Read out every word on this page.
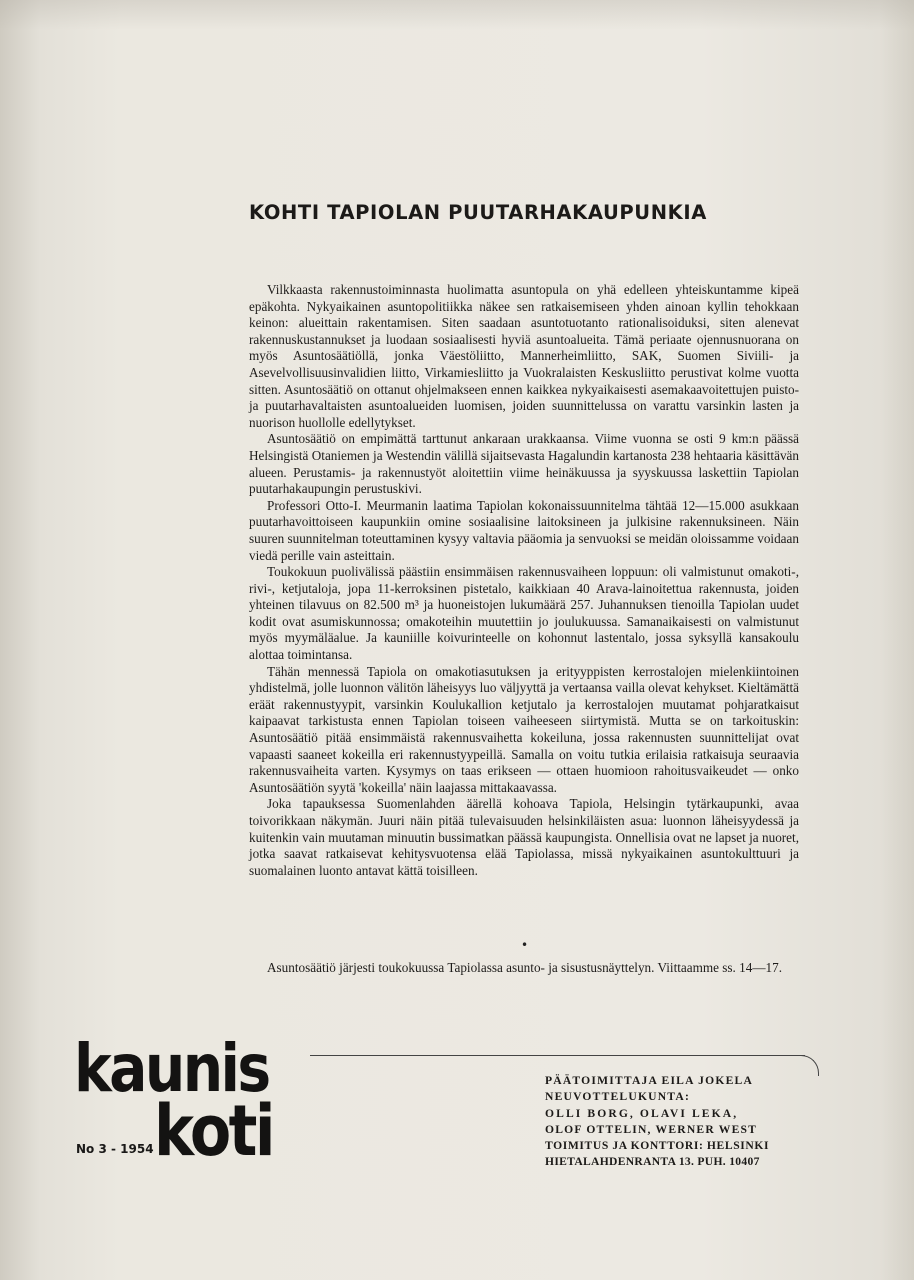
KOHTI TAPIOLAN PUUTARHAKAUPUNKIA

Vilkkaasta rakennustoiminnasta huolimatta asuntopula on yhä edelleen yhteiskuntamme kipeä epäkohta. Nykyaikainen asuntopolitiikka näkee sen ratkaisemiseen yhden ainoan kyllin tehokkaan keinon: alueittain rakentamisen. Siten saadaan asuntotuotanto rationalisoiduksi, siten alenevat rakennuskustannukset ja luodaan sosiaalisesti hyviä asuntoalueita. Tämä periaate ojennusnuorana on myös Asuntosäätiöllä, jonka Väestöliitto, Mannerheimliitto, SAK, Suomen Siviili- ja Asevelvollisuusinvalidien liitto, Virkamiesliitto ja Vuokralaisten Keskusliitto perustivat kolme vuotta sitten. Asuntosäätiö on ottanut ohjelmakseen ennen kaikkea nykyaikaisesti asemakaavoitettujen puisto- ja puutarhavaltaisten asuntoalueiden luomisen, joiden suunnittelussa on varattu varsinkin lasten ja nuorison huollolle edellytykset.

Asuntosäätiö on empimättä tarttunut ankaraan urakkaansa. Viime vuonna se osti 9 km:n päässä Helsingistä Otaniemen ja Westendin välillä sijaitsevasta Hagalundin kartanosta 238 hehtaaria käsittävän alueen. Perustamis- ja rakennustyöt aloitettiin viime heinäkuussa ja syyskuussa laskettiin Tapiolan puutarhakaupungin perustuskivi.

Professori Otto-I. Meurmanin laatima Tapiolan kokonaissuunnitelma tähtää 12—15.000 asukkaan puutarhavoittoiseen kaupunkiin omine sosiaalisine laitoksineen ja julkisine rakennuksineen. Näin suuren suunnitelman toteuttaminen kysyy valtavia pääomia ja senvuoksi se meidän oloissamme voidaan viedä perille vain asteittain.

Toukokuun puolivälissä päästiin ensimmäisen rakennusvaiheen loppuun: oli valmistunut omakoti-, rivi-, ketjutaloja, jopa 11-kerroksinen pistetalo, kaikkiaan 40 Arava-lainoitettua rakennusta, joiden yhteinen tilavuus on 82.500 m³ ja huoneistojen lukumäärä 257. Juhannuksen tienoilla Tapiolan uudet kodit ovat asumiskunnossa; omakoteihin muutettiin jo joulukuussa. Samanaikaisesti on valmistunut myös myymäläalue. Ja kauniille koivurinteelle on kohonnut lastentalo, jossa syksyllä kansakoulu alottaa toimintansa.

Tähän mennessä Tapiola on omakotiasutuksen ja erityyppisten kerrostalojen mielenkiintoinen yhdistelmä, jolle luonnon välitön läheisyys luo väljyyttä ja vertaansa vailla olevat kehykset. Kieltämättä eräät rakennustyypit, varsinkin Koulukallion ketjutalo ja kerrostalojen muutamat pohjaratkaisut kaipaavat tarkistusta ennen Tapiolan toiseen vaiheeseen siirtymistä. Mutta se on tarkoituskin: Asuntosäätiö pitää ensimmäistä rakennusvaihetta kokeiluna, jossa rakennusten suunnittelijat ovat vapaasti saaneet kokeilla eri rakennustyypeillä. Samalla on voitu tutkia erilaisia ratkaisuja seuraavia rakennusvaiheita varten. Kysymys on taas erikseen — ottaen huomioon rahoitusvaikeudet — onko Asuntosäätiön syytä 'kokeilla' näin laajassa mittakaavassa.

Joka tapauksessa Suomenlahden äärellä kohoava Tapiola, Helsingin tytärkaupunki, avaa toivorikkaan näkymän. Juuri näin pitää tulevaisuuden helsinkiläisten asua: luonnon läheisyydessä ja kuitenkin vain muutaman minuutin bussimatkan päässä kaupungista. Onnellisia ovat ne lapset ja nuoret, jotka saavat ratkaisevat kehitysvuotensa elää Tapiolassa, missä nykyaikainen asuntokulttuuri ja suomalainen luonto antavat kättä toisilleen.

•
Asuntosäätiö järjesti toukokuussa Tapiolassa asunto- ja sisustusnäyttelyn. Viittaamme ss. 14—17.
kaunis
koti
No 3 - 1954
PÄÄTOIMITTAJA EILA JOKELA
NEUVOTTELUKUNTA:
OLLI BORG, OLAVI LEKA,
OLOF OTTELIN, WERNER WEST
TOIMITUS JA KONTTORI: HELSINKI
HIETALAHDENRANTA 13. PUH. 10407
